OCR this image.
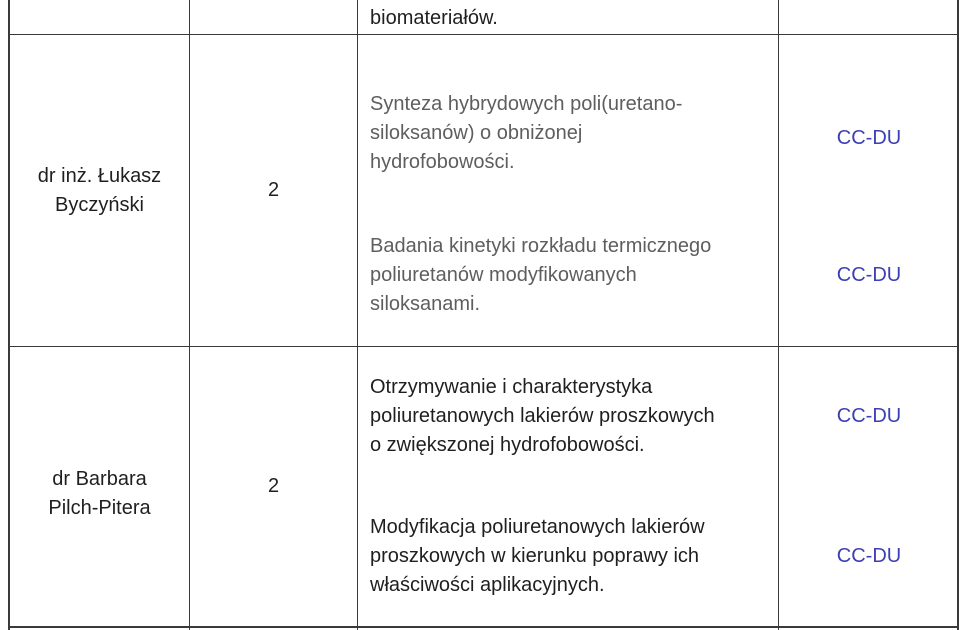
biomateriałów.
dr inż. Łukasz
Byczyński
2
Synteza hybrydowych poli(uretano-
siloksanów) o obniżonej
hydrofobowości.
CC-DU
Badania kinetyki rozkładu termicznego
poliuretanów modyfikowanych
siloksanami.
CC-DU
dr Barbara
Pilch-Pitera
2
Otrzymywanie i charakterystyka
poliuretanowych lakierów proszkowych
o zwiększonej hydrofobowości.
CC-DU
Modyfikacja poliuretanowych lakierów
proszkowych w kierunku poprawy ich
właściwości aplikacyjnych.
CC-DU
